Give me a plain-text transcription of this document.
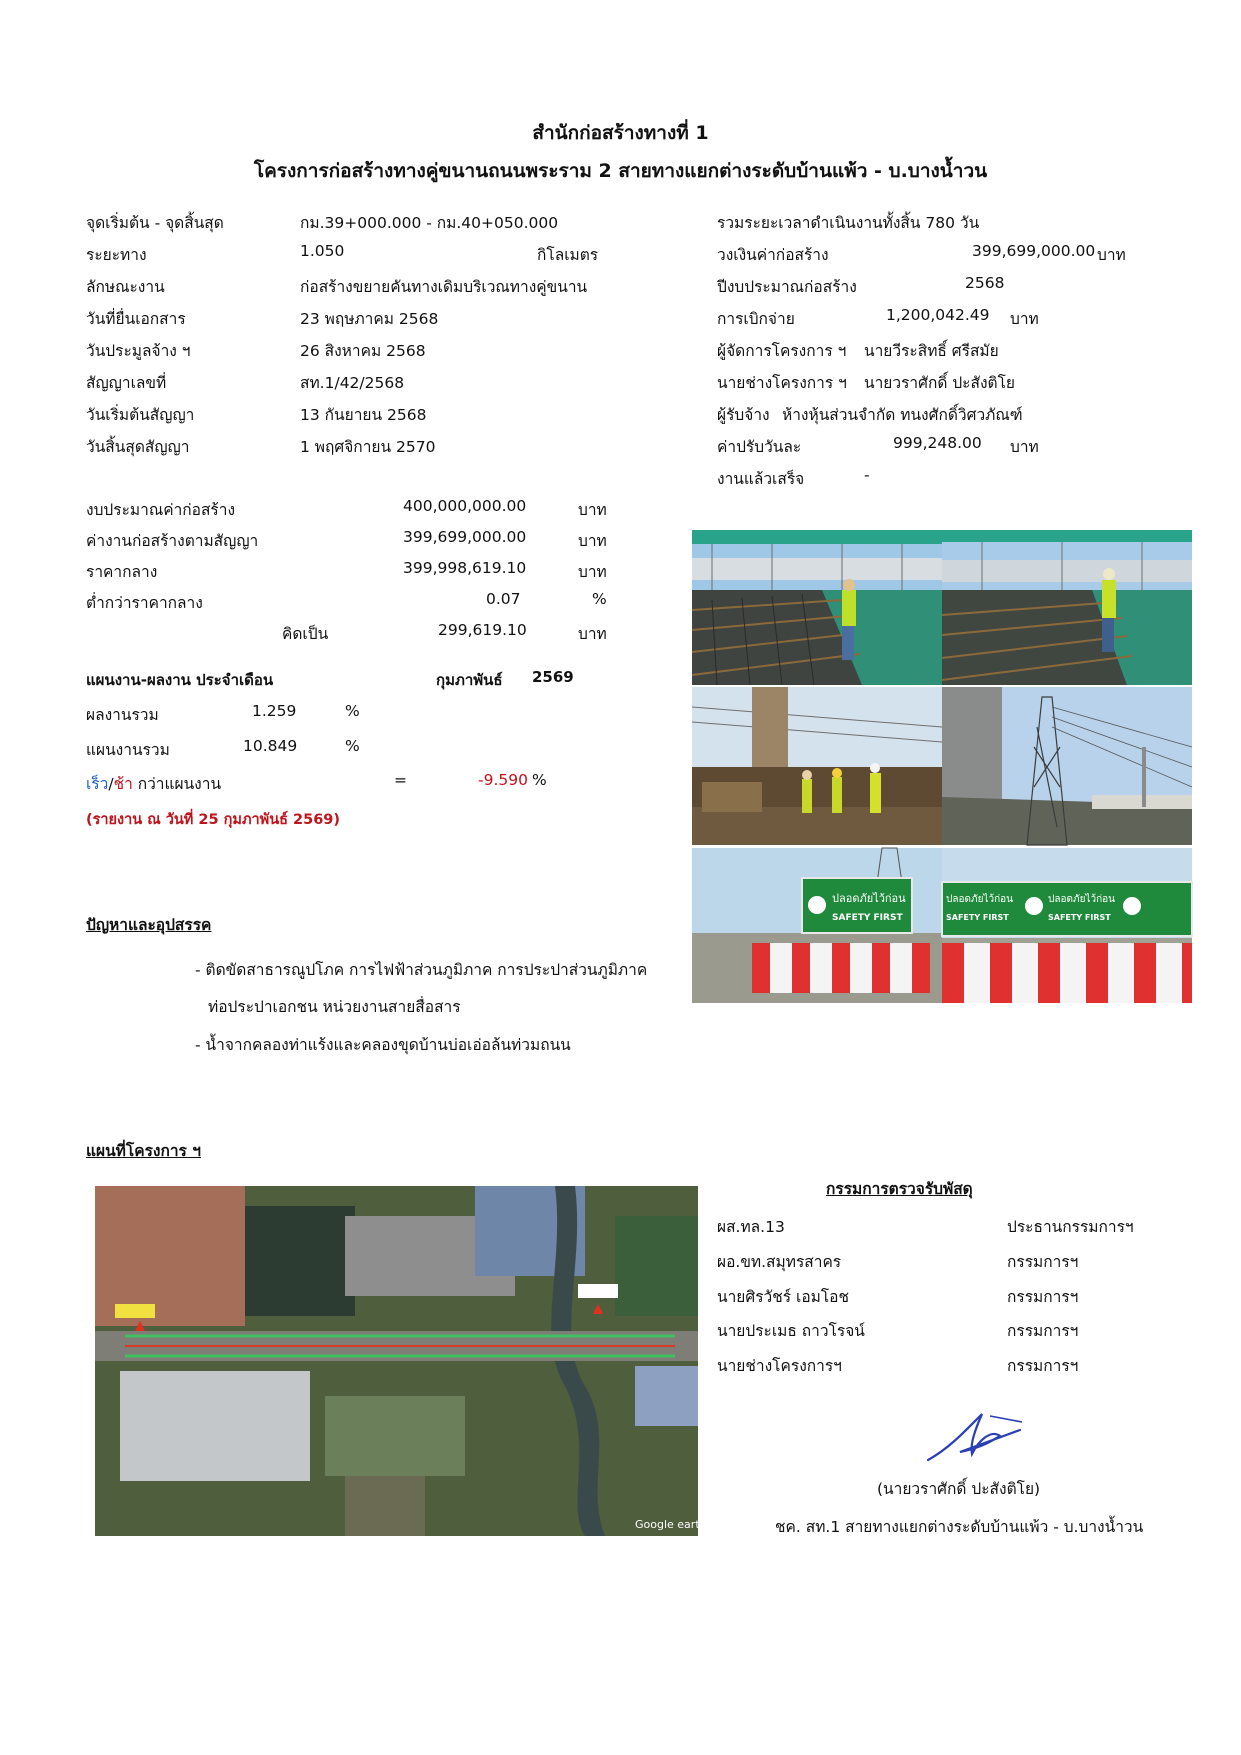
สำนักก่อสร้างทางที่ 1
โครงการก่อสร้างทางคู่ขนานถนนพระราม 2 สายทางแยกต่างระดับบ้านแพ้ว - บ.บางน้ำวน
จุดเริ่มต้น - จุดสิ้นสุด	กม.39+000.000 - กม.40+050.000
ระยะทาง	1.050	กิโลเมตร
ลักษณะงาน	ก่อสร้างขยายคันทางเดิมบริเวณทางคู่ขนาน
วันที่ยื่นเอกสาร	23 พฤษภาคม 2568
วันประมูลจ้าง ฯ	26 สิงหาคม 2568
สัญญาเลขที่	สท.1/42/2568
วันเริ่มต้นสัญญา	13 กันยายน 2568
วันสิ้นสุดสัญญา	1 พฤศจิกายน 2570
รวมระยะเวลาดำเนินงานทั้งสิ้น 780 วัน
วงเงินค่าก่อสร้าง	399,699,000.00 บาท
ปีงบประมาณก่อสร้าง	2568
การเบิกจ่าย	1,200,042.49 บาท
ผู้จัดการโครงการ ฯ นายวีระสิทธิ์ ศรีสมัย
นายช่างโครงการ ฯ นายวราศักดิ์ ปะสังติโย
ผู้รับจ้าง ห้างหุ้นส่วนจำกัด ทนงศักดิ์วิศวภัณฑ์
ค่าปรับวันละ	999,248.00 บาท
งานแล้วเสร็จ	-
งบประมาณค่าก่อสร้าง	400,000,000.00	บาท
ค่างานก่อสร้างตามสัญญา	399,699,000.00	บาท
ราคากลาง	399,998,619.10	บาท
ต่ำกว่าราคากลาง	0.07	%
คิดเป็น	299,619.10	บาท
แผนงาน-ผลงาน ประจำเดือน	กุมภาพันธ์ 2569
ผลงานรวม	1.259	%
แผนงานรวม	10.849	%
เร็ว/ช้า กว่าแผนงาน	=	-9.590 %
(รายงาน ณ วันที่ 25 กุมภาพันธ์ 2569)
ปัญหาและอุปสรรค
- ติดขัดสาธารณูปโภค การไฟฟ้าส่วนภูมิภาค การประปาส่วนภูมิภาค
ท่อประปาเอกชน หน่วยงานสายสื่อสาร
- น้ำจากคลองท่าแร้งและคลองขุดบ้านบ่อเอ่อล้นท่วมถนน
ปลอดภัยไว้ก่อน
SAFETY FIRST
ปลอดภัยไว้ก่อน	ปลอดภัยไว้ก่อน
SAFETY FIRST	SAFETY FIRST
แผนที่โครงการ ฯ
Google earth
กรรมการตรวจรับพัสดุ
ผส.ทล.13	ประธานกรรมการฯ
ผอ.ขท.สมุทรสาคร	กรรมการฯ
นายศิรวัชร์ เอมโอช	กรรมการฯ
นายประเมธ ถาวโรจน์	กรรมการฯ
นายช่างโครงการฯ	กรรมการฯ
(นายวราศักดิ์ ปะสังติโย)
ชค. สท.1 สายทางแยกต่างระดับบ้านแพ้ว - บ.บางน้ำวน
